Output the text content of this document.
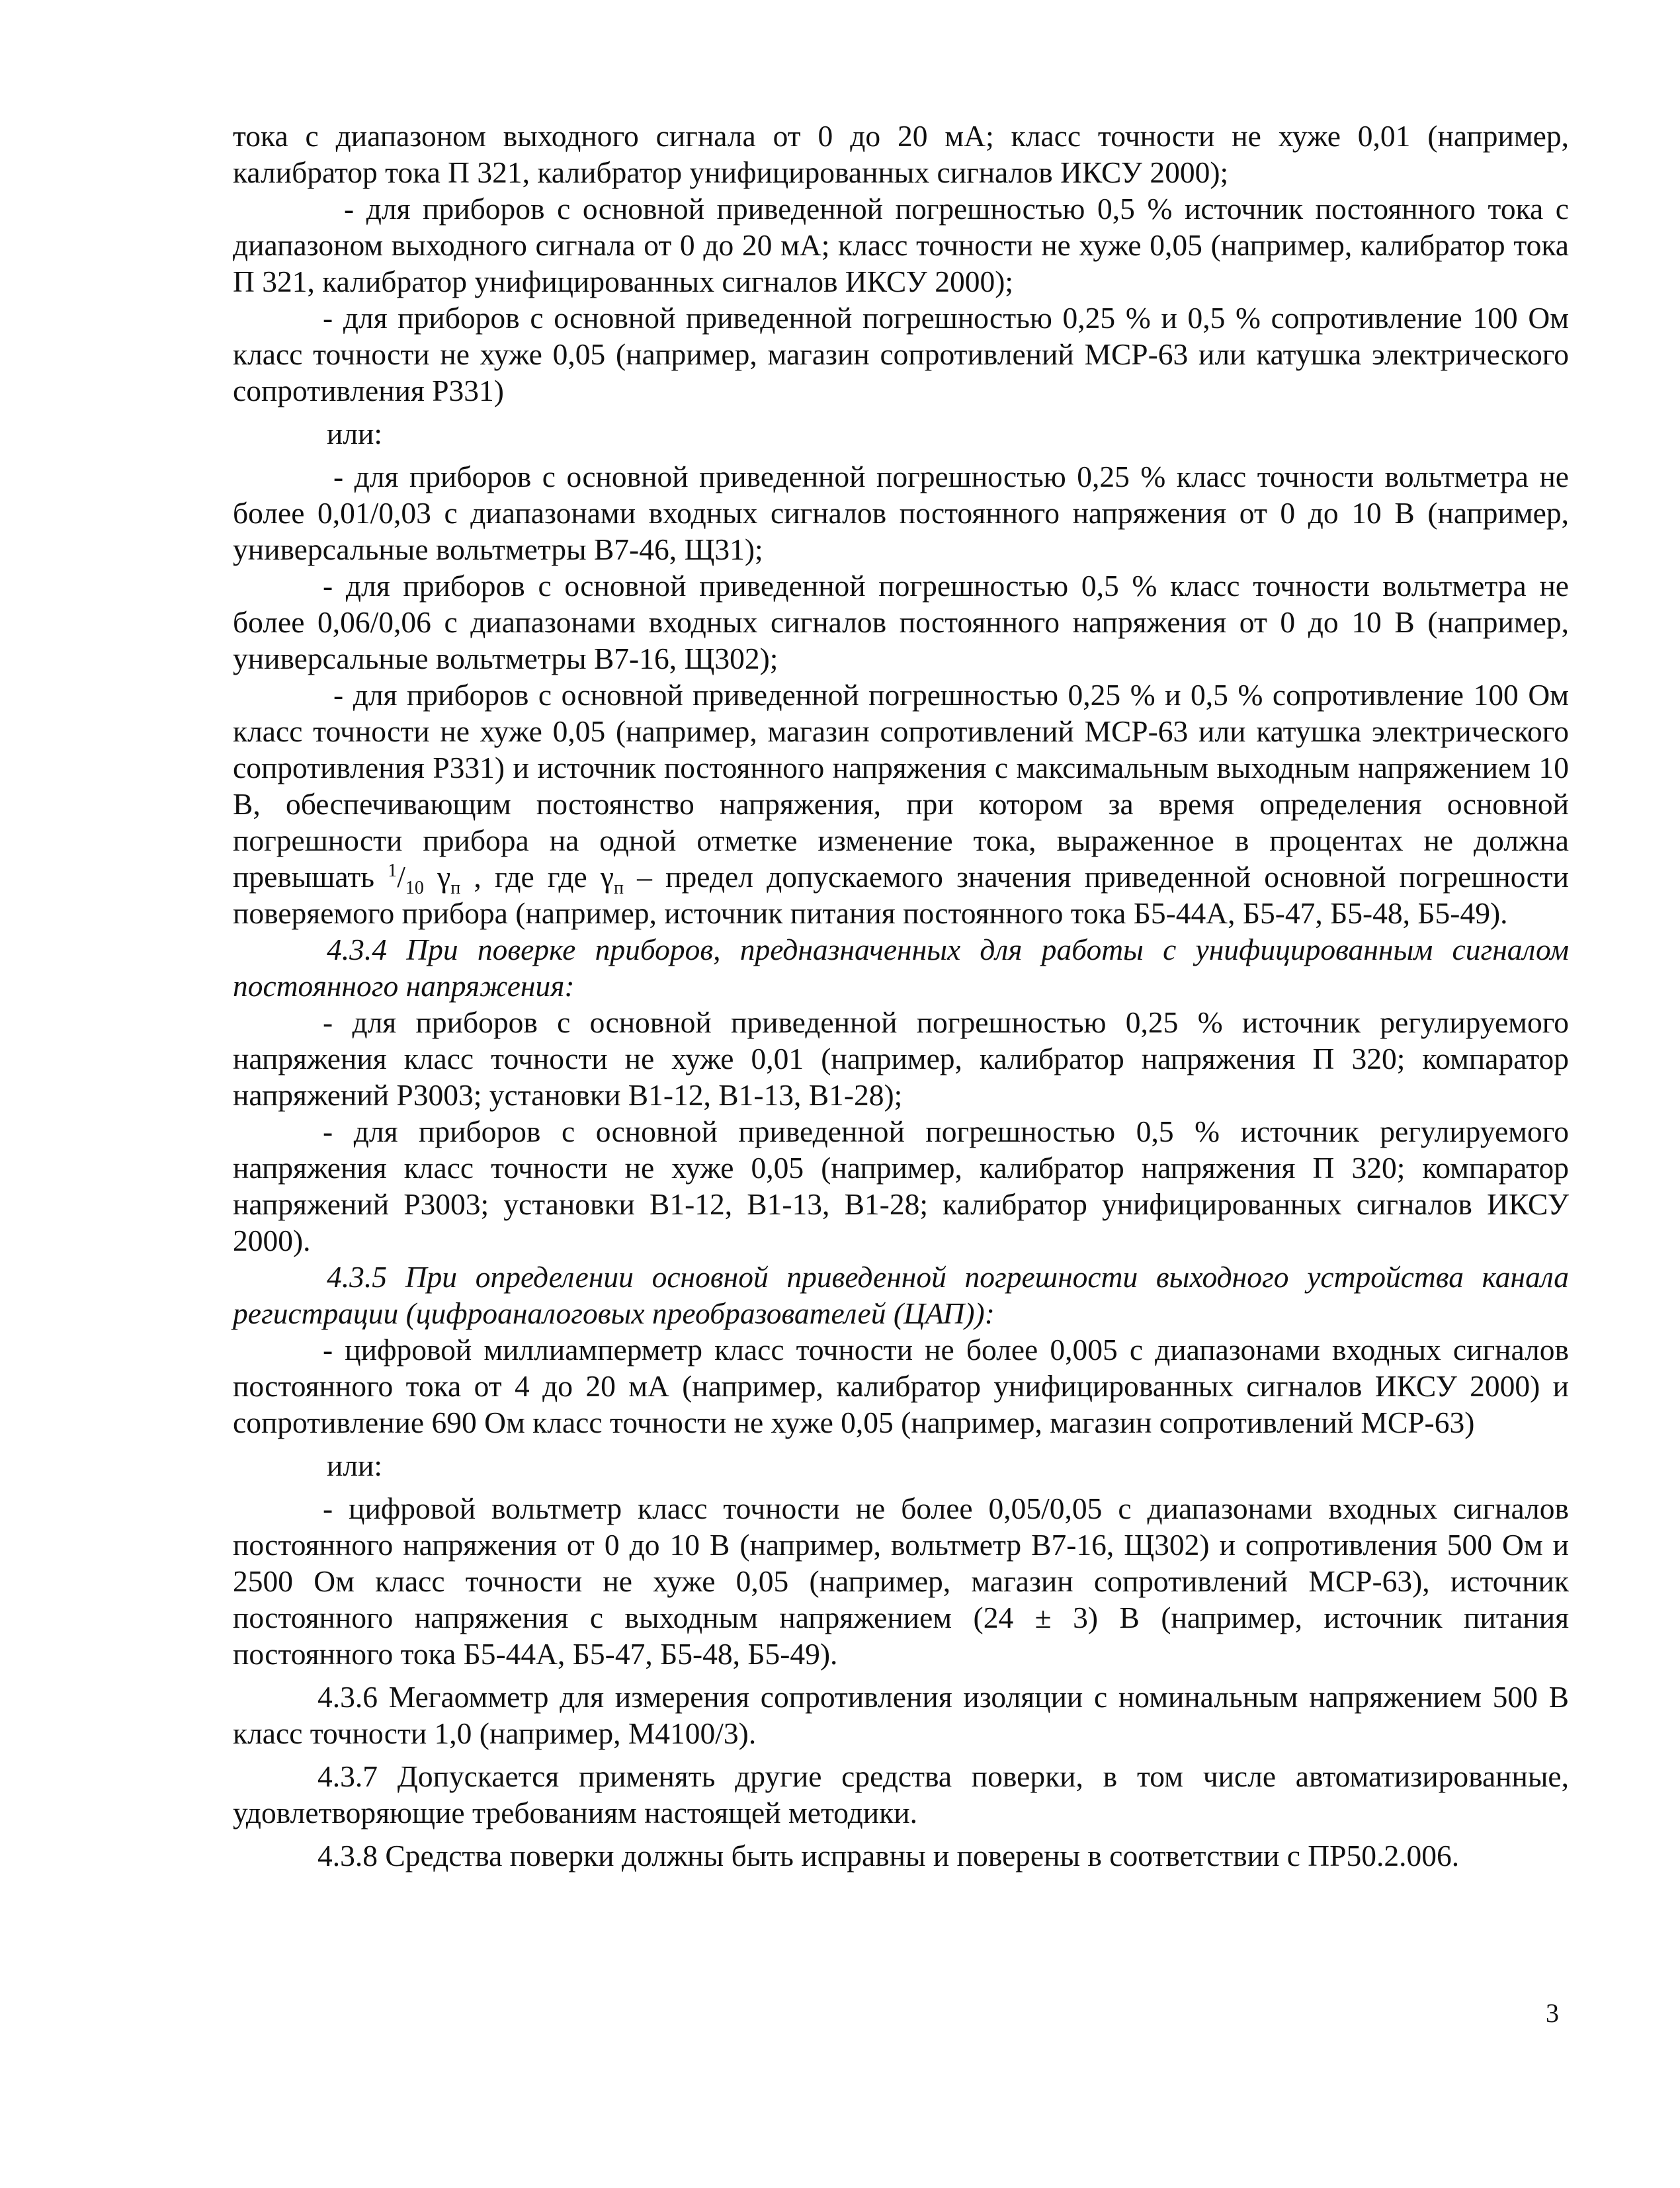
тока с диапазоном выходного сигнала от 0 до 20 мА; класс точности не хуже 0,01 (например, калибратор тока П 321, калибратор унифицированных сигналов ИКСУ 2000);

- для приборов с основной приведенной погрешностью 0,5 % источник постоянного тока с диапазоном выходного сигнала от 0 до 20 мА; класс точности не хуже 0,05 (например, калибратор тока П 321, калибратор унифицированных сигналов ИКСУ 2000);

- для приборов с основной приведенной погрешностью 0,25 % и 0,5 % сопротивление 100 Ом класс точности не хуже 0,05 (например, магазин сопротивлений МСР-63 или катушка электрического сопротивления Р331)

или:

- для приборов с основной приведенной погрешностью 0,25 % класс точности вольтметра не более 0,01/0,03 с диапазонами входных сигналов постоянного напряжения от 0 до 10 В (например, универсальные вольтметры В7-46, Щ31);

- для приборов с основной приведенной погрешностью 0,5 % класс точности вольтметра не более 0,06/0,06 с диапазонами входных сигналов постоянного напряжения от 0 до 10 В (например, универсальные вольтметры В7-16, Щ302);

- для приборов с основной приведенной погрешностью 0,25 % и 0,5 % сопротивление 100 Ом класс точности не хуже 0,05 (например, магазин сопротивлений МСР-63 или катушка электрического сопротивления Р331) и источник постоянного напряжения с максимальным выходным напряжением 10 В, обеспечивающим постоянство напряжения, при котором за время определения основной погрешности прибора на одной отметке изменение тока, выраженное в процентах не должна превышать $^1/_{10}$ $\gamma_п$ , где где $\gamma_п$ – предел допускаемого значения приведенной основной погрешности поверяемого прибора (например, источник питания постоянного тока Б5-44А, Б5-47, Б5-48, Б5-49).

4.3.4 При поверке приборов, предназначенных для работы с унифицированным сигналом постоянного напряжения:

- для приборов с основной приведенной погрешностью 0,25 % источник регулируемого напряжения класс точности не хуже 0,01 (например, калибратор напряжения П 320; компаратор напряжений Р3003; установки В1-12, В1-13, В1-28);

- для приборов с основной приведенной погрешностью 0,5 % источник регулируемого напряжения класс точности не хуже 0,05 (например, калибратор напряжения П 320; компаратор напряжений Р3003; установки В1-12, В1-13, В1-28; калибратор унифицированных сигналов ИКСУ 2000).

4.3.5 При определении основной приведенной погрешности выходного устройства канала регистрации (цифроаналоговых преобразователей (ЦАП)):

- цифровой миллиамперметр класс точности не более 0,005 с диапазонами входных сигналов постоянного тока от 4 до 20 мА (например, калибратор унифицированных сигналов ИКСУ 2000) и сопротивление 690 Ом класс точности не хуже 0,05 (например, магазин сопротивлений МСР-63)

или:

- цифровой вольтметр класс точности не более 0,05/0,05 с диапазонами входных сигналов постоянного напряжения от 0 до 10 В (например, вольтметр В7-16, Щ302) и сопротивления 500 Ом и 2500 Ом класс точности не хуже 0,05 (например, магазин сопротивлений МСР-63), источник постоянного напряжения с выходным напряжением (24 ± 3) В (например, источник питания постоянного тока Б5-44А, Б5-47, Б5-48, Б5-49).

4.3.6 Мегаомметр для измерения сопротивления изоляции с номинальным напряжением 500 В класс точности 1,0 (например, М4100/3).

4.3.7 Допускается применять другие средства поверки, в том числе автоматизированные, удовлетворяющие требованиям настоящей методики.

4.3.8 Средства поверки должны быть исправны и поверены в соответствии с ПР50.2.006.

3
